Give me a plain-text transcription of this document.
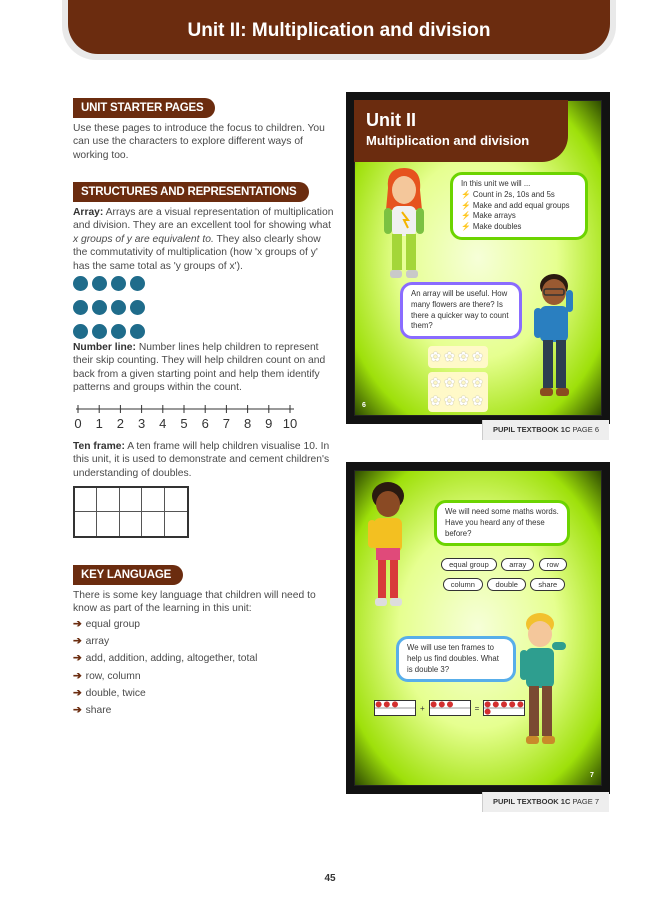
Unit II: Multiplication and division
UNIT STARTER PAGES
Use these pages to introduce the focus to children. You can use the characters to explore different ways of working too.
STRUCTURES AND REPRESENTATIONS
Array: Arrays are a visual representation of multiplication and division. They are an excellent tool for showing what x groups of y are equivalent to. They also clearly show the commutativity of multiplication (how 'x groups of y' has the same total as 'y groups of x').

Number line: Number lines help children to represent their skip counting. They will help children count on and back from a given starting point and help them identify patterns and groups within the count.
0 1 2 3 4 5 6 7 8 9 10
Ten frame: A ten frame will help children visualise 10. In this unit, it is used to demonstrate and cement children's understanding of doubles.
KEY LANGUAGE
There is some key language that children will need to know as part of the learning in this unit:
➔ equal group
➔ array
➔ add, addition, adding, altogether, total
➔ row, column
➔ double, twice
➔ share
Unit II
Multiplication and division
In this unit we will ...
⚡ Count in 2s, 10s and 5s
⚡ Make and add equal groups
⚡ Make arrays
⚡ Make doubles
An array will be useful. How many flowers are there? Is there a quicker way to count them?
✿ ✿ ✿ ✿ ✿ ✿ ✿ ✿
✿ ✿ ✿ ✿
6
PUPIL TEXTBOOK 1C PAGE 6
We will need some maths words. Have you heard any of these before?
equal group	array	row
column	double	share
We will use ten frames to help us find doubles. What is double 3?
+	=
7
PUPIL TEXTBOOK 1C PAGE 7
45
